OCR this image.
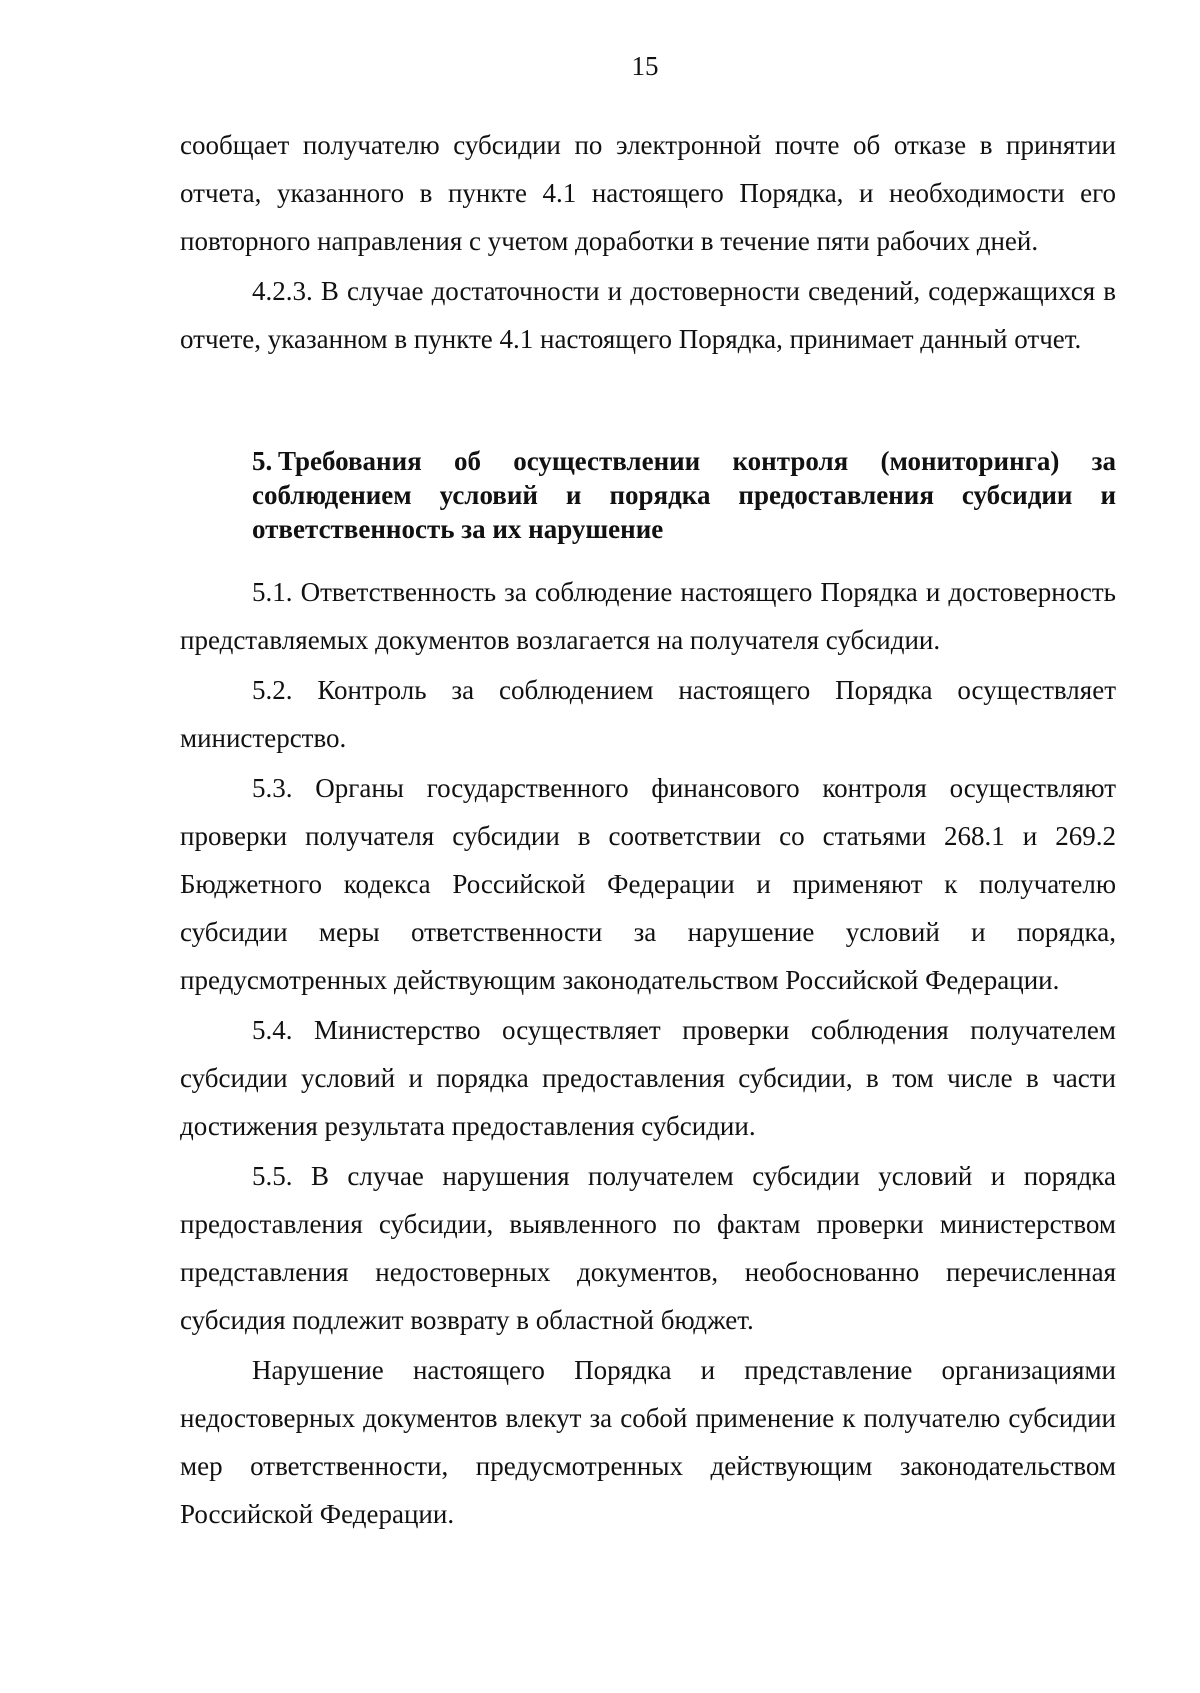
15

сообщает получателю субсидии по электронной почте об отказе в принятии отчета, указанного в пункте 4.1 настоящего Порядка, и необходимости его повторного направления с учетом доработки в течение пяти рабочих дней.

4.2.3. В случае достаточности и достоверности сведений, содержащихся в отчете, указанном в пункте 4.1 настоящего Порядка, принимает данный отчет.

5. Требования об осуществлении контроля (мониторинга) за соблюдением условий и порядка предоставления субсидии и ответственность за их нарушение

5.1. Ответственность за соблюдение настоящего Порядка и достоверность представляемых документов возлагается на получателя субсидии.

5.2. Контроль за соблюдением настоящего Порядка осуществляет министерство.

5.3. Органы государственного финансового контроля осуществляют проверки получателя субсидии в соответствии со статьями 268.1 и 269.2 Бюджетного кодекса Российской Федерации и применяют к получателю субсидии меры ответственности за нарушение условий и порядка, предусмотренных действующим законодательством Российской Федерации.

5.4. Министерство осуществляет проверки соблюдения получателем субсидии условий и порядка предоставления субсидии, в том числе в части достижения результата предоставления субсидии.

5.5. В случае нарушения получателем субсидии условий и порядка предоставления субсидии, выявленного по фактам проверки министерством представления недостоверных документов, необоснованно перечисленная субсидия подлежит возврату в областной бюджет.

Нарушение настоящего Порядка и представление организациями недостоверных документов влекут за собой применение к получателю субсидии мер ответственности, предусмотренных действующим законодательством Российской Федерации.
